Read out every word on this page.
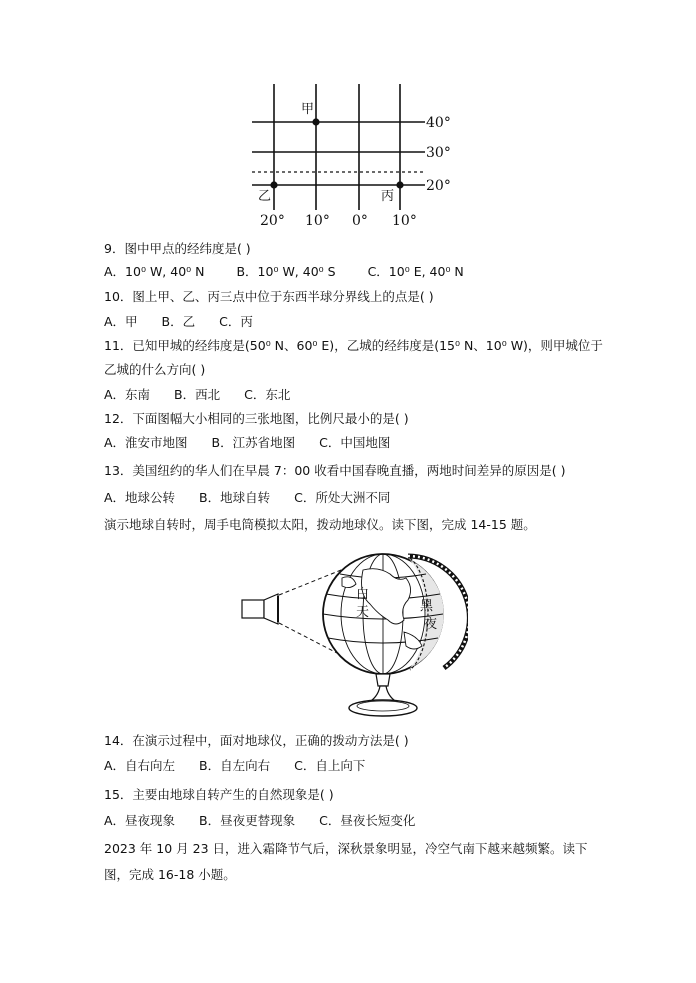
甲
乙	丙
40°
30°
20°
20° 10° 0° 10°
9．图中甲点的经纬度是( )
A．10⁰ W, 40⁰ N	B．10⁰ W, 40⁰ S	C．10⁰ E, 40⁰ N
10．图上甲、乙、丙三点中位于东西半球分界线上的点是( )
A．甲 B．乙 C．丙
11．已知甲城的经纬度是(50⁰ N、60⁰ E)，乙城的经纬度是(15⁰ N、10⁰ W)，则甲城位于
乙城的什么方向( )
A．东南 B．西北 C．东北
12．下面图幅大小相同的三张地图，比例尺最小的是( )
A．淮安市地图 B．江苏省地图 C．中国地图
13．美国纽约的华人们在早晨 7：00 收看中国春晚直播，两地时间差异的原因是( )
A．地球公转 B．地球自转 C．所处大洲不同
演示地球自转时，周手电筒模拟太阳，拨动地球仪。读下图，完成 14-15 题。
白
天	黑
夜
14．在演示过程中，面对地球仪，正确的拨动方法是( )
A．自右向左 B．自左向右 C．自上向下
15．主要由地球自转产生的自然现象是( )
A．昼夜现象 B．昼夜更替现象 C．昼夜长短变化
2023 年 10 月 23 日，进入霜降节气后，深秋景象明显，冷空气南下越来越频繁。读下
图，完成 16-18 小题。
